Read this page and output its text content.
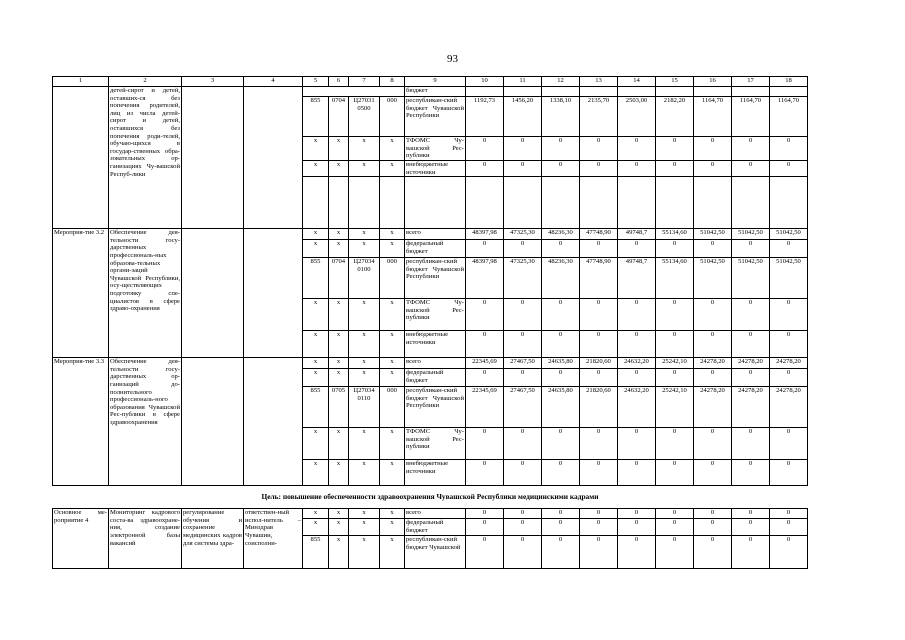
93
1	2	3	4	5	6	7	8	9	10	11	12	13	14	15	16	17	18
	детей-сирот и детей, оставших-ся без попечения родителей, лиц из числа детей-сирот и детей, оставшихся без попечения роди-телей, обучаю-щихся в государ-ственных обра-зовательных ор-ганизациях Чу-вашской Респуб-лики							бюджет									
				855	0704	Ц27031 0500	000	республикан-ский бюджет Чувашской Республики	1192,73	1456,20	1338,10	2135,70	2503,00	2182,20	1164,70	1164,70	1164,70
				x	x	x	x	ТФОМС Чу-вашской Рес-публики	0	0	0	0	0	0	0	0	0
				x	x	x	x	внебюджетные источники	0	0	0	0	0	0	0	0	0

Мероприя-тие 3.2	Обеспечение дея-тельности госу-дарственных профессиональ-ных образова-тельных органи-заций Чувашской Республики, осу-ществляющих подготовку спе-циалистов в сфере здраво-охранения			x	x	x	x	всего	48397,98	47325,30	48236,30	47748,90	49748,7	55134,60	51042,50	51042,50	51042,50
				x	x	x	x	федеральный бюджет	0	0	0	0	0	0	0	0	0
				855	0704	Ц27034 0100	000	республикан-ский бюджет Чувашской Республики	48397,98	47325,30	48236,30	47748,90	49748,7	55134,60	51042,50	51042,50	51042,50
				x	x	x	x	ТФОМС Чу-вашской Рес-публики	0	0	0	0	0	0	0	0	0
				x	x	x	x	внебюджетные источники	0	0	0	0	0	0	0	0	0
Мероприя-тие 3.3	Обеспечение дея-тельности госу-дарственных ор-ганизаций до-полнительного профессиональ-ного образования Чувашской Рес-публики в сфере здравоохранения			x	x	x	x	всего	22345,69	27467,50	24635,80	21820,60	24632,20	25242,10	24278,20	24278,20	24278,20
				x	x	x	x	федеральный бюджет	0	0	0	0	0	0	0	0	0
				855	0705	Ц27034 0110	000	республикан-ский бюджет Чувашской Республики	22345,69	27467,50	24635,80	21820,60	24632,20	25242,10	24278,20	24278,20	24278,20
				x	x	x	x	ТФОМС Чу-вашской Рес-публики	0	0	0	0	0	0	0	0	0
				x	x	x	x	внебюджетные источники	0	0	0	0	0	0	0	0	0
Цель: повышение обеспеченности здравоохранения Чувашской Республики медицинскими кадрами																	
Основное ме-роприятие 4	Мониторинг кадрового соста-ва здравоохране-ния, создание электронной базы вакансий	регулирование обучения и сохранение медицинских кадров для системы здра-	ответствен-ный испол-нитель – Минздрав Чувашии, соисполни-	x	x	x	x	всего	0	0	0	0	0	0	0	0	0
				x	x	x	x	федеральный бюджет	0	0	0	0	0	0	0	0	0
				855	x	x	x	республикан-ский бюджет Чувашской	0	0	0	0	0	0	0	0	0
